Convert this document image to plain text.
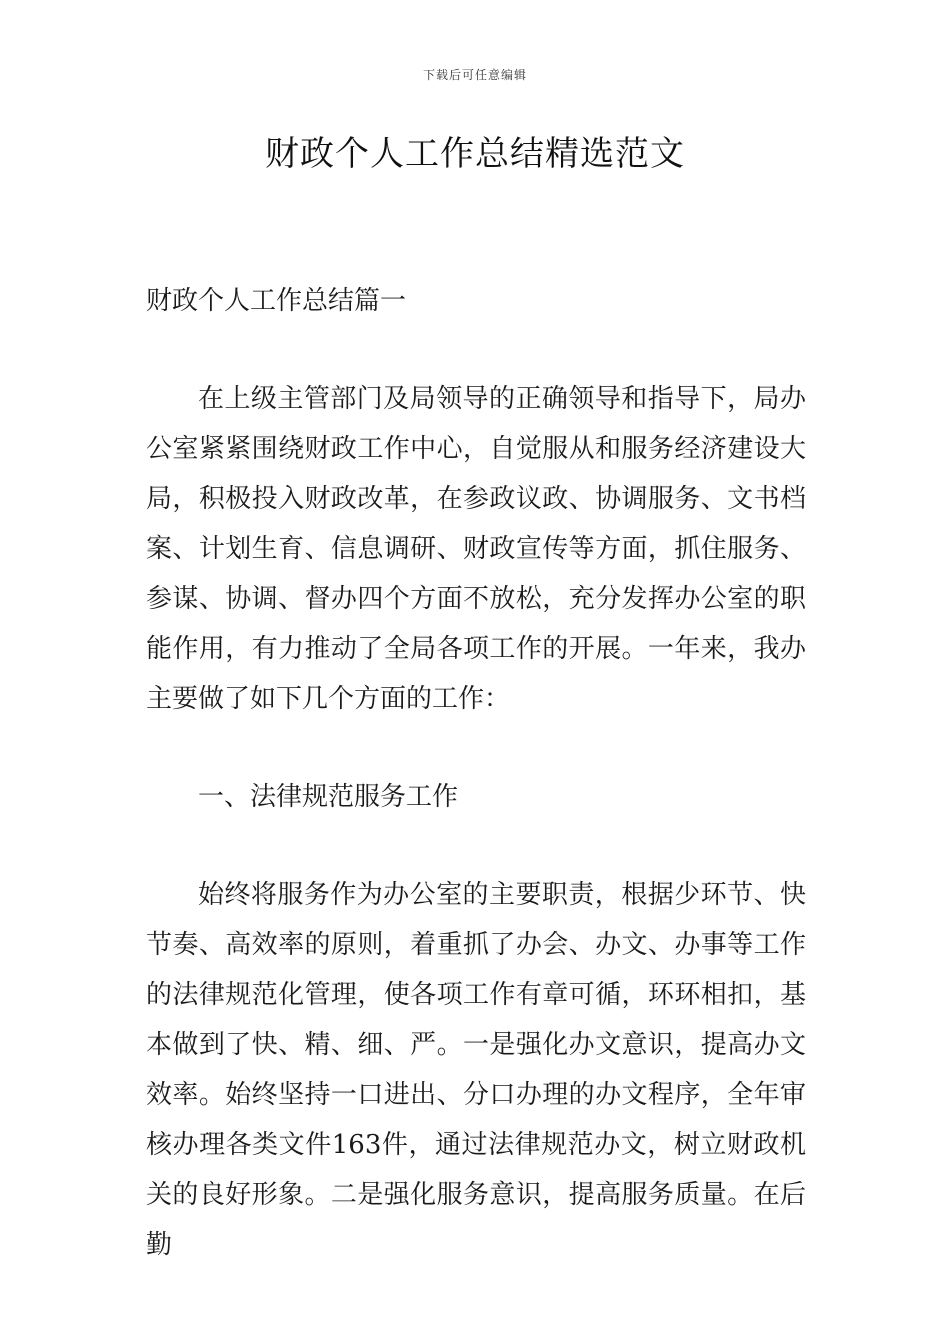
下载后可任意编辑
财政个人工作总结精选范文
财政个人工作总结篇一

在上级主管部门及局领导的正确领导和指导下，局办公室紧紧围绕财政工作中心，自觉服从和服务经济建设大局，积极投入财政改革，在参政议政、协调服务、文书档案、计划生育、信息调研、财政宣传等方面，抓住服务、参谋、协调、督办四个方面不放松，充分发挥办公室的职能作用，有力推动了全局各项工作的开展。一年来，我办主要做了如下几个方面的工作：

一、法律规范服务工作

始终将服务作为办公室的主要职责，根据少环节、快节奏、高效率的原则，着重抓了办会、办文、办事等工作的法律规范化管理，使各项工作有章可循，环环相扣，基本做到了快、精、细、严。一是强化办文意识，提高办文效率。始终坚持一口进出、分口办理的办文程序，全年审核办理各类文件163件，通过法律规范办文，树立财政机关的良好形象。二是强化服务意识，提高服务质量。在后勤
